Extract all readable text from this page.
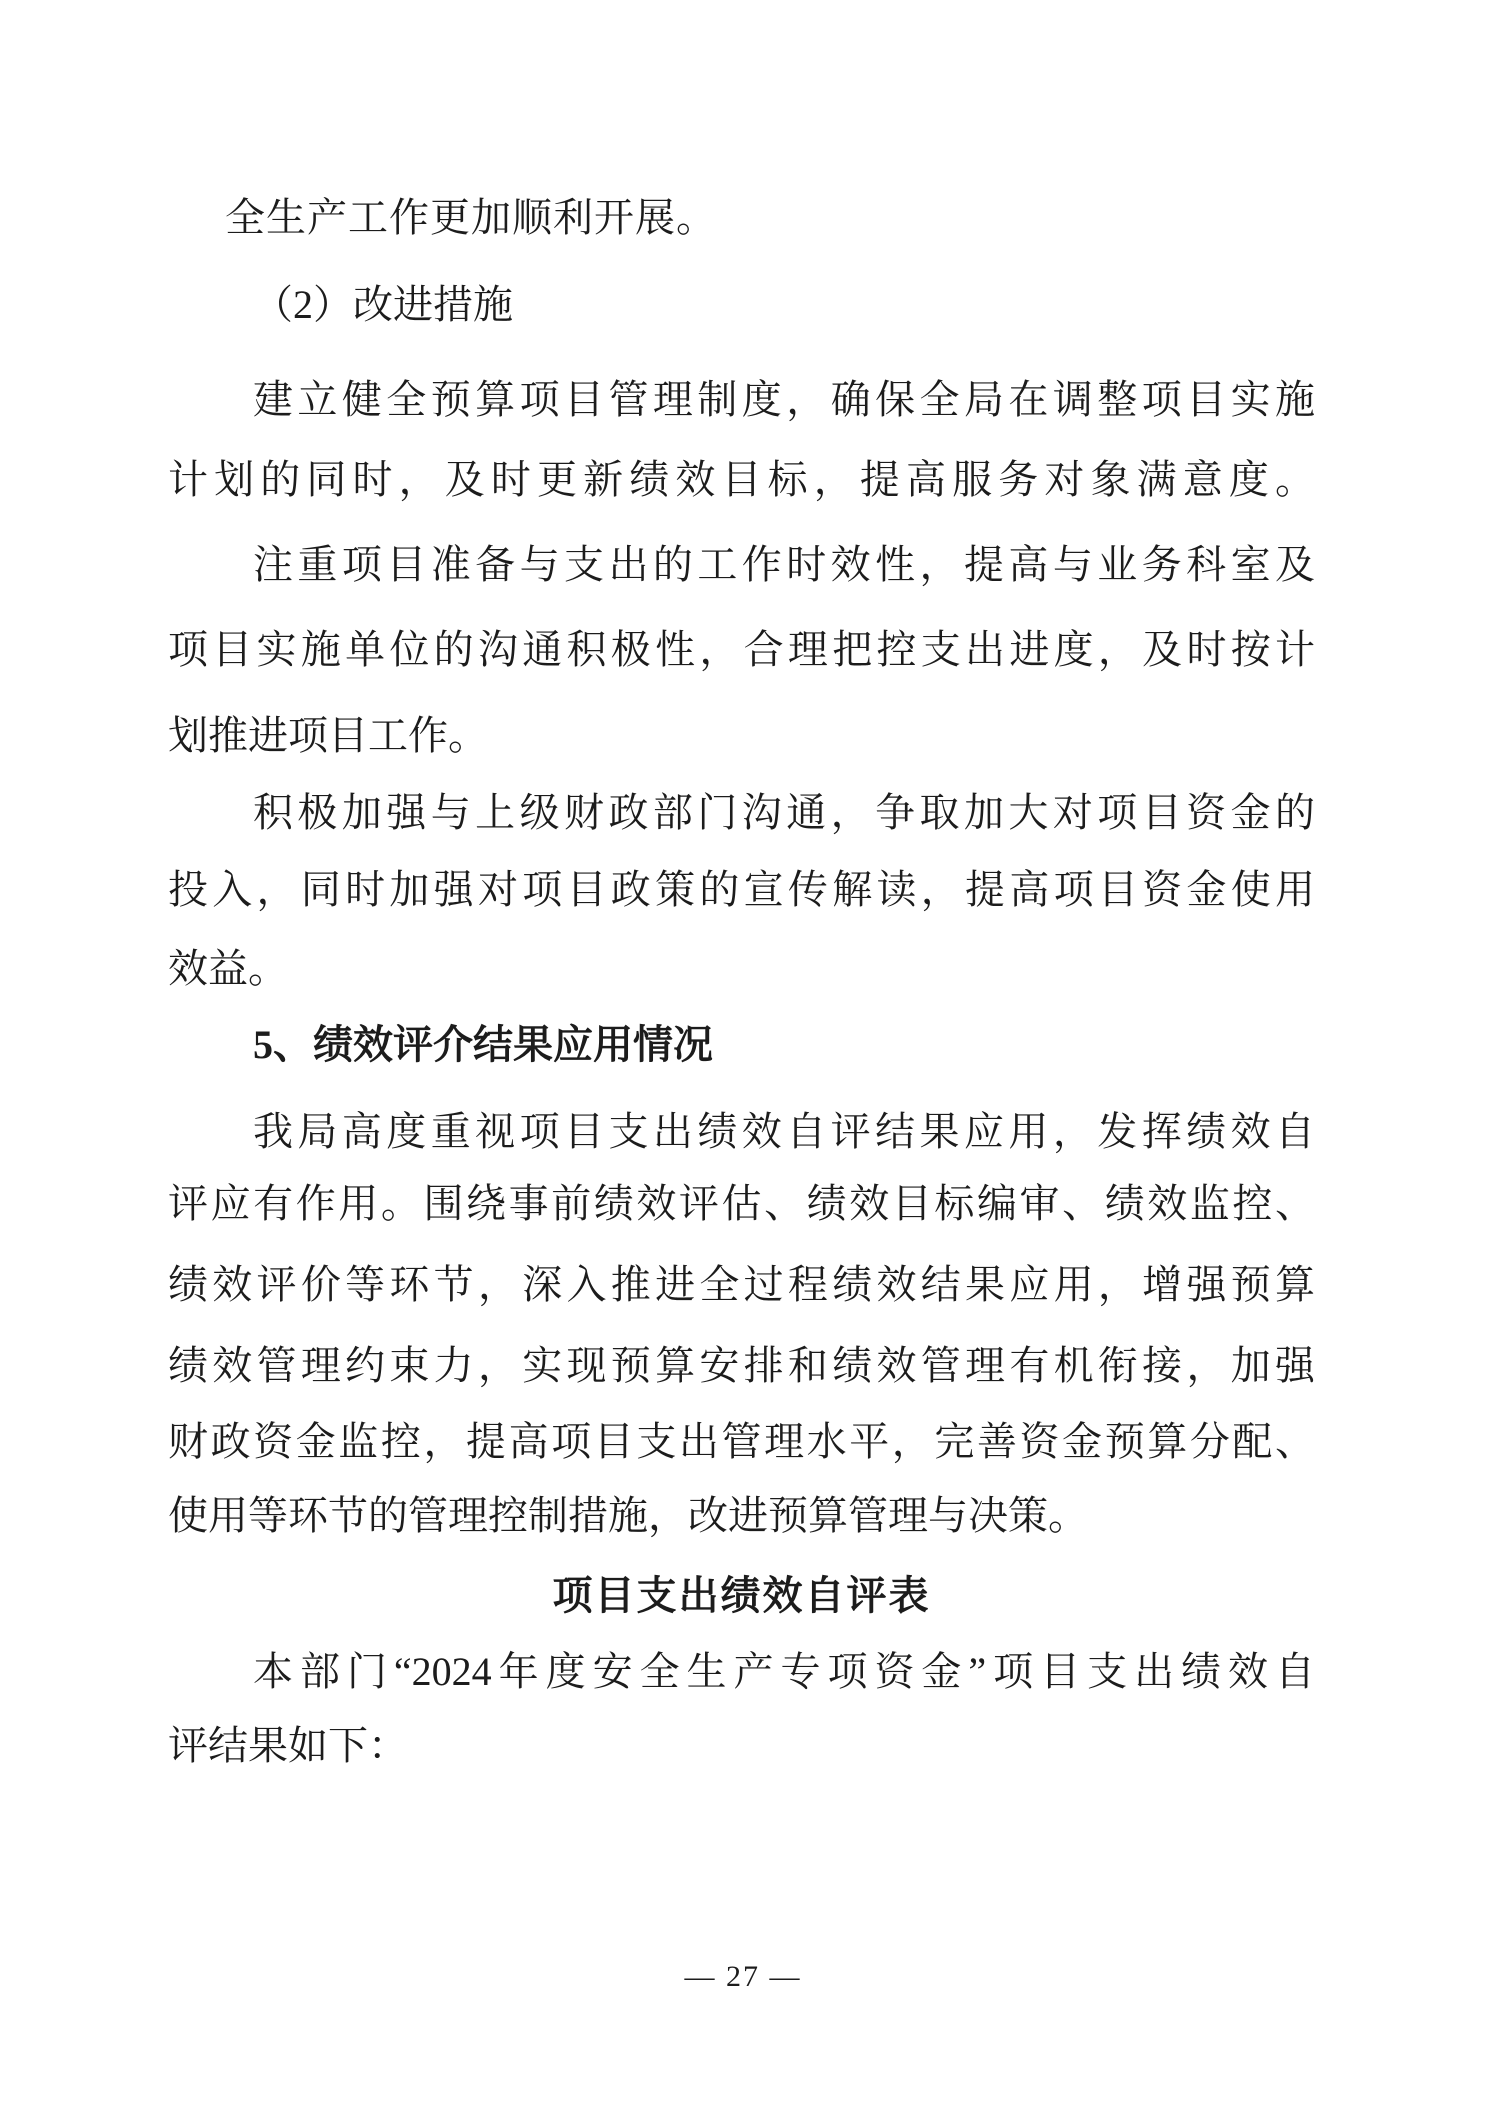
全生产工作更加顺利开展。
（2）改进措施
建立健全预算项目管理制度，确保全局在调整项目实施
计划的同时，及时更新绩效目标，提高服务对象满意度。
注重项目准备与支出的工作时效性，提高与业务科室及
项目实施单位的沟通积极性，合理把控支出进度，及时按计
划推进项目工作。
积极加强与上级财政部门沟通，争取加大对项目资金的
投入，同时加强对项目政策的宣传解读，提高项目资金使用
效益。
5、绩效评介结果应用情况
我局高度重视项目支出绩效自评结果应用，发挥绩效自
评应有作用。围绕事前绩效评估、绩效目标编审、绩效监控、
绩效评价等环节，深入推进全过程绩效结果应用，增强预算
绩效管理约束力，实现预算安排和绩效管理有机衔接，加强
财政资金监控，提高项目支出管理水平，完善资金预算分配、
使用等环节的管理控制措施，改进预算管理与决策。
项目支出绩效自评表
本部门“2024年度安全生产专项资金”项目支出绩效自
评结果如下：
— 27 —
